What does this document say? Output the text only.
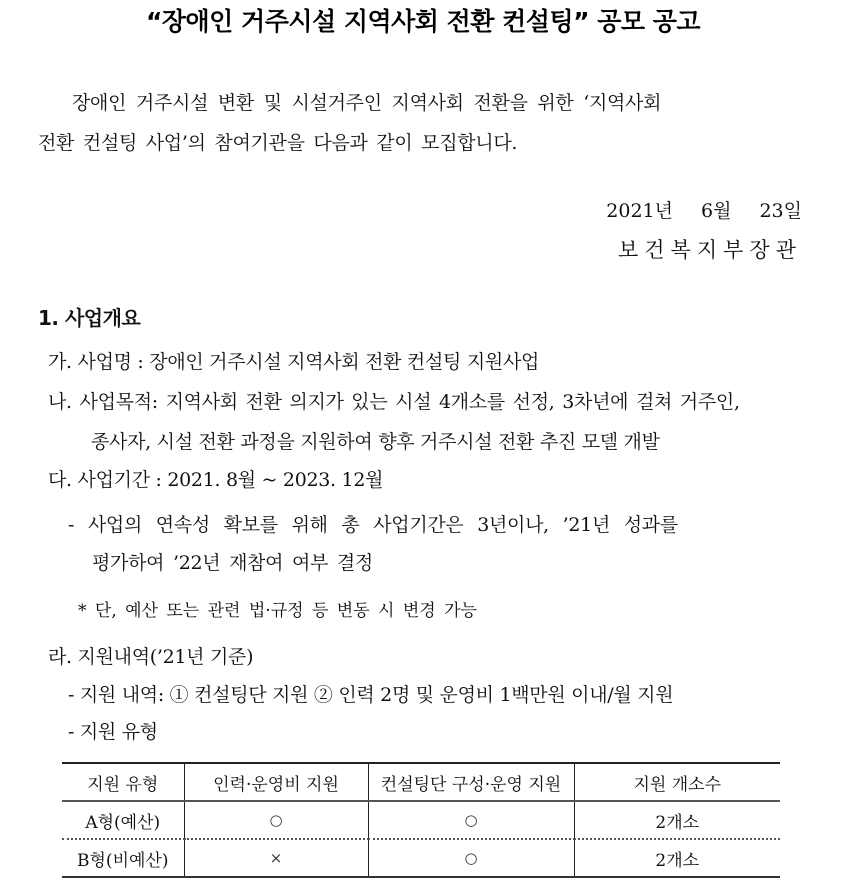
“장애인 거주시설 지역사회 전환 컨설팅” 공모 공고
장애인 거주시설 변환 및 시설거주인 지역사회 전환을 위한 ‘지역사회
전환 컨설팅 사업’의 참여기관을 다음과 같이 모집합니다.
2021년 6월 23일
보건복지부장관
1. 사업개요
가. 사업명 : 장애인 거주시설 지역사회 전환 컨설팅 지원사업
나. 사업목적: 지역사회 전환 의지가 있는 시설 4개소를 선정, 3차년에 걸쳐 거주인,
종사자, 시설 전환 과정을 지원하여 향후 거주시설 전환 추진 모델 개발
다. 사업기간 : 2021. 8월 ~ 2023. 12월
- 사업의 연속성 확보를 위해 총 사업기간은 3년이나, ’21년 성과를
평가하여 ’22년 재참여 여부 결정
* 단, 예산 또는 관련 법·규정 등 변동 시 변경 가능
라. 지원내역(’21년 기준)
- 지원 내역: ① 컨설팅단 지원 ② 인력 2명 및 운영비 1백만원 이내/월 지원
- 지원 유형
지원 유형	인력·운영비 지원	컨설팅단 구성·운영 지원	지원 개소수
A형(예산)	○	○	2개소
B형(비예산)	×	○	2개소
